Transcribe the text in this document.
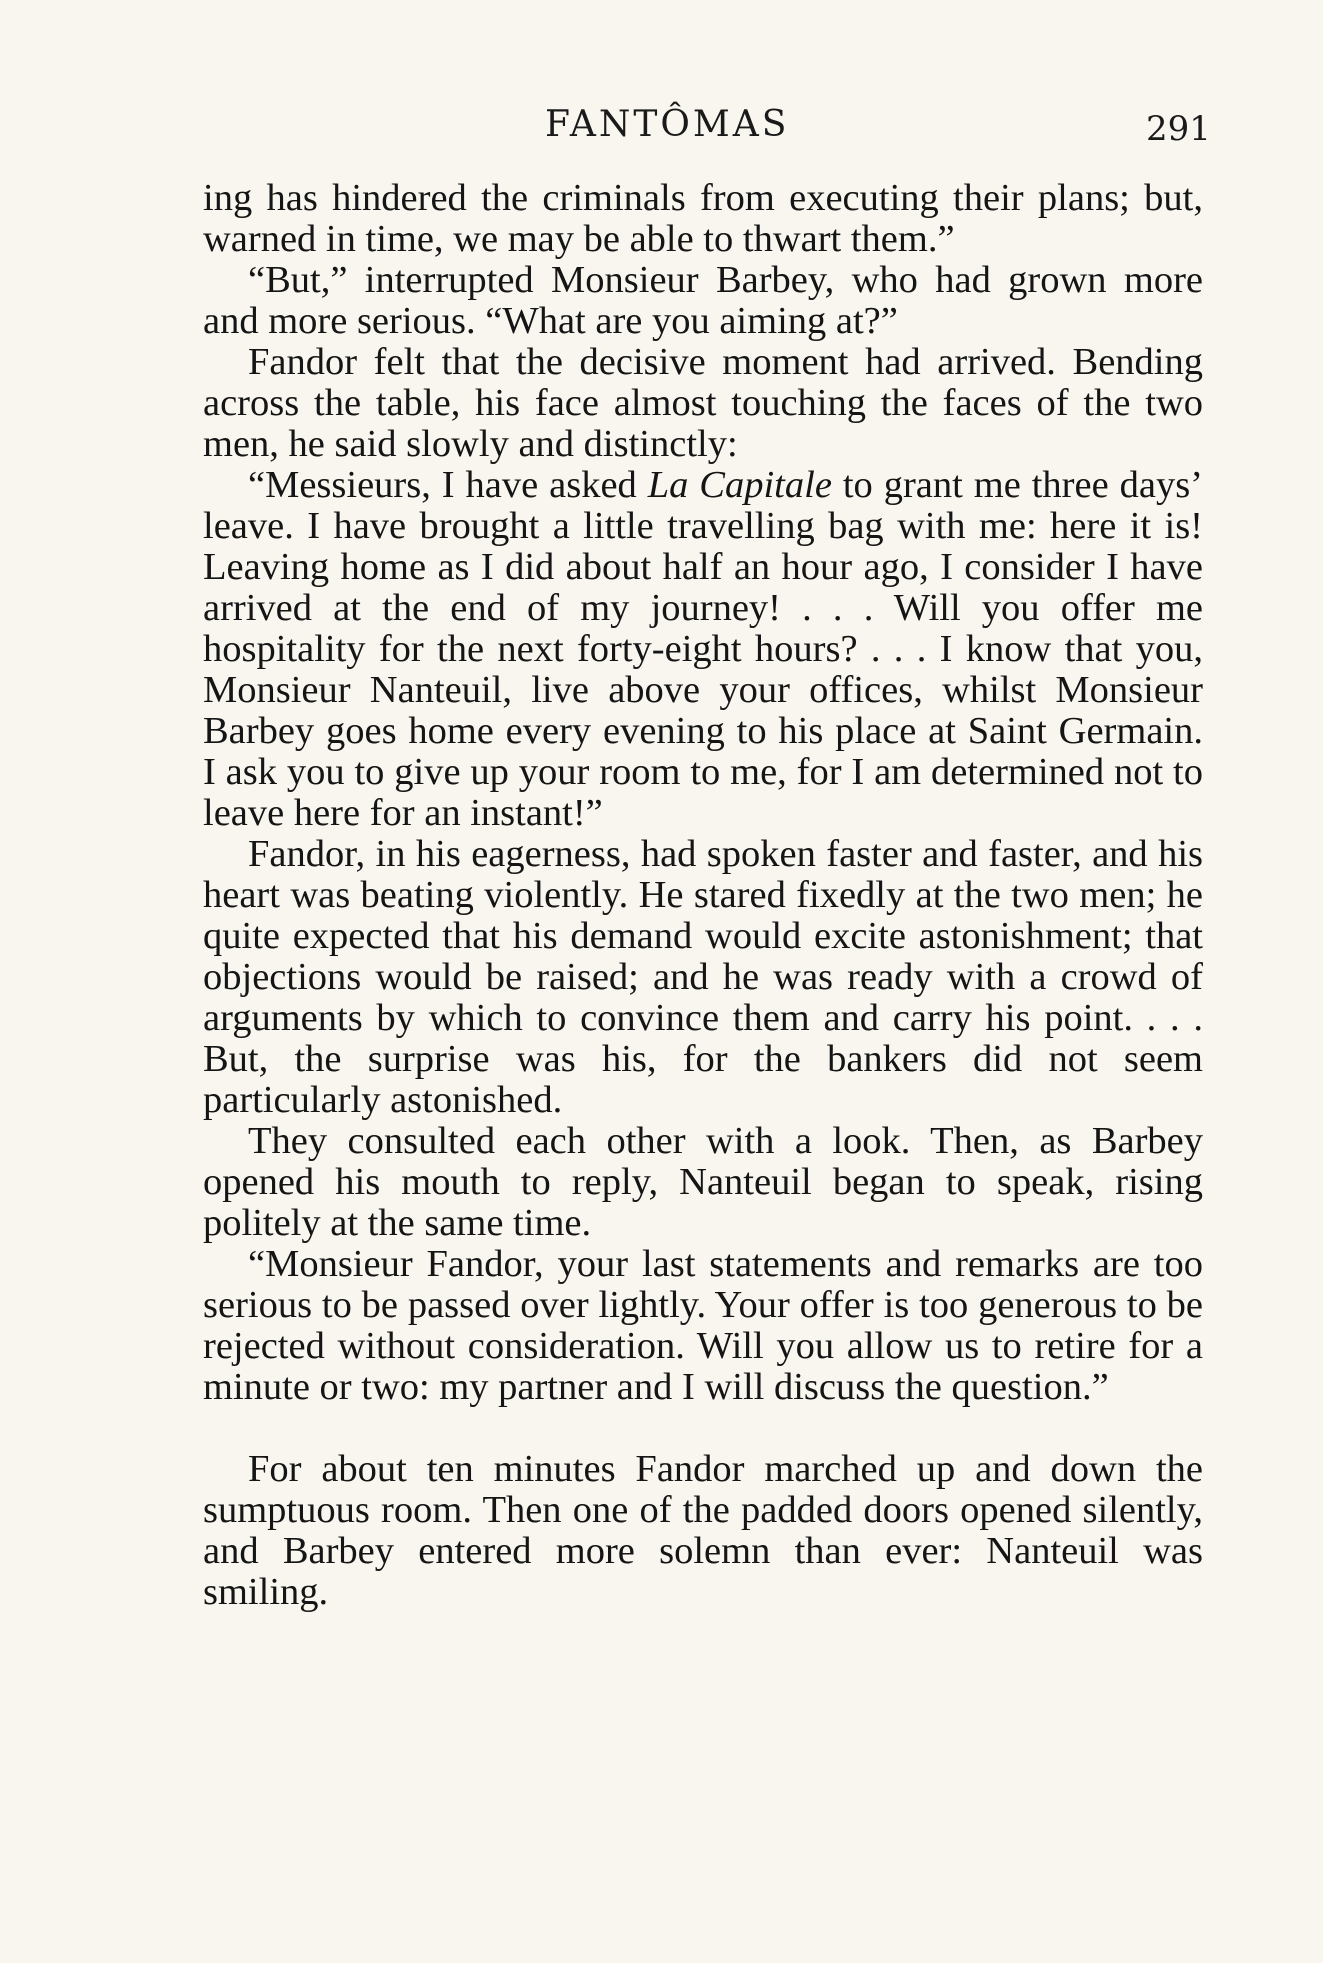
FANTÔMAS	291

ing has hindered the criminals from executing their plans; but, warned in time, we may be able to thwart them.”

“But,” interrupted Monsieur Barbey, who had grown more and more serious. “What are you aiming at?”

Fandor felt that the decisive moment had arrived. Bending across the table, his face almost touching the faces of the two men, he said slowly and distinctly:

“Messieurs, I have asked La Capitale to grant me three days’ leave. I have brought a little travelling bag with me: here it is! Leaving home as I did about half an hour ago, I consider I have arrived at the end of my journey! . . . Will you offer me hospitality for the next forty-eight hours? . . . I know that you, Monsieur Nanteuil, live above your offices, whilst Monsieur Barbey goes home every evening to his place at Saint Germain. I ask you to give up your room to me, for I am determined not to leave here for an instant!”

Fandor, in his eagerness, had spoken faster and faster, and his heart was beating violently. He stared fixedly at the two men; he quite expected that his demand would excite astonishment; that objections would be raised; and he was ready with a crowd of arguments by which to convince them and carry his point. . . . But, the surprise was his, for the bankers did not seem particularly astonished.

They consulted each other with a look. Then, as Barbey opened his mouth to reply, Nanteuil began to speak, rising politely at the same time.

“Monsieur Fandor, your last statements and remarks are too serious to be passed over lightly. Your offer is too generous to be rejected without consideration. Will you allow us to retire for a minute or two: my partner and I will discuss the question.”

For about ten minutes Fandor marched up and down the sumptuous room. Then one of the padded doors opened silently, and Barbey entered more solemn than ever: Nanteuil was smiling.
